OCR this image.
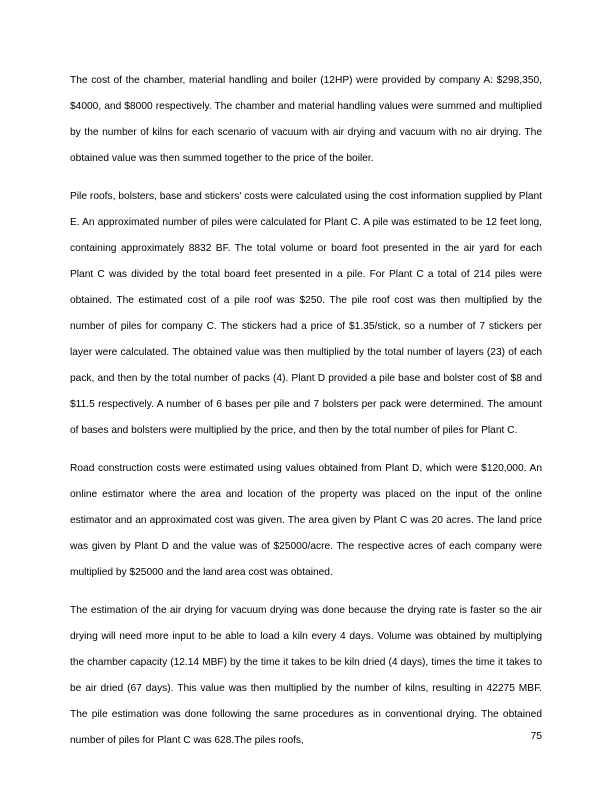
The cost of the chamber, material handling and boiler (12HP) were provided by company A: $298,350, $4000, and $8000 respectively. The chamber and material handling values were summed and multiplied by the number of kilns for each scenario of vacuum with air drying and vacuum with no air drying. The obtained value was then summed together to the price of the boiler.

Pile roofs, bolsters, base and stickers' costs were calculated using the cost information supplied by Plant E. An approximated number of piles were calculated for Plant C. A pile was estimated to be 12 feet long, containing approximately 8832 BF. The total volume or board foot presented in the air yard for each Plant C was divided by the total board feet presented in a pile. For Plant C a total of 214 piles were obtained. The estimated cost of a pile roof was $250. The pile roof cost was then multiplied by the number of piles for company C. The stickers had a price of $1.35/stick, so a number of 7 stickers per layer were calculated. The obtained value was then multiplied by the total number of layers (23) of each pack, and then by the total number of packs (4). Plant D provided a pile base and bolster cost of $8 and $11.5 respectively. A number of 6 bases per pile and 7 bolsters per pack were determined. The amount of bases and bolsters were multiplied by the price, and then by the total number of piles for Plant C.

Road construction costs were estimated using values obtained from Plant D, which were $120,000. An online estimator where the area and location of the property was placed on the input of the online estimator and an approximated cost was given. The area given by Plant C was 20 acres. The land price was given by Plant D and the value was of $25000/acre. The respective acres of each company were multiplied by $25000 and the land area cost was obtained.

The estimation of the air drying for vacuum drying was done because the drying rate is faster so the air drying will need more input to be able to load a kiln every 4 days. Volume was obtained by multiplying the chamber capacity (12.14 MBF) by the time it takes to be kiln dried (4 days), times the time it takes to be air dried (67 days). This value was then multiplied by the number of kilns, resulting in 42275 MBF. The pile estimation was done following the same procedures as in conventional drying. The obtained number of piles for Plant C was 628.The piles roofs,	75
